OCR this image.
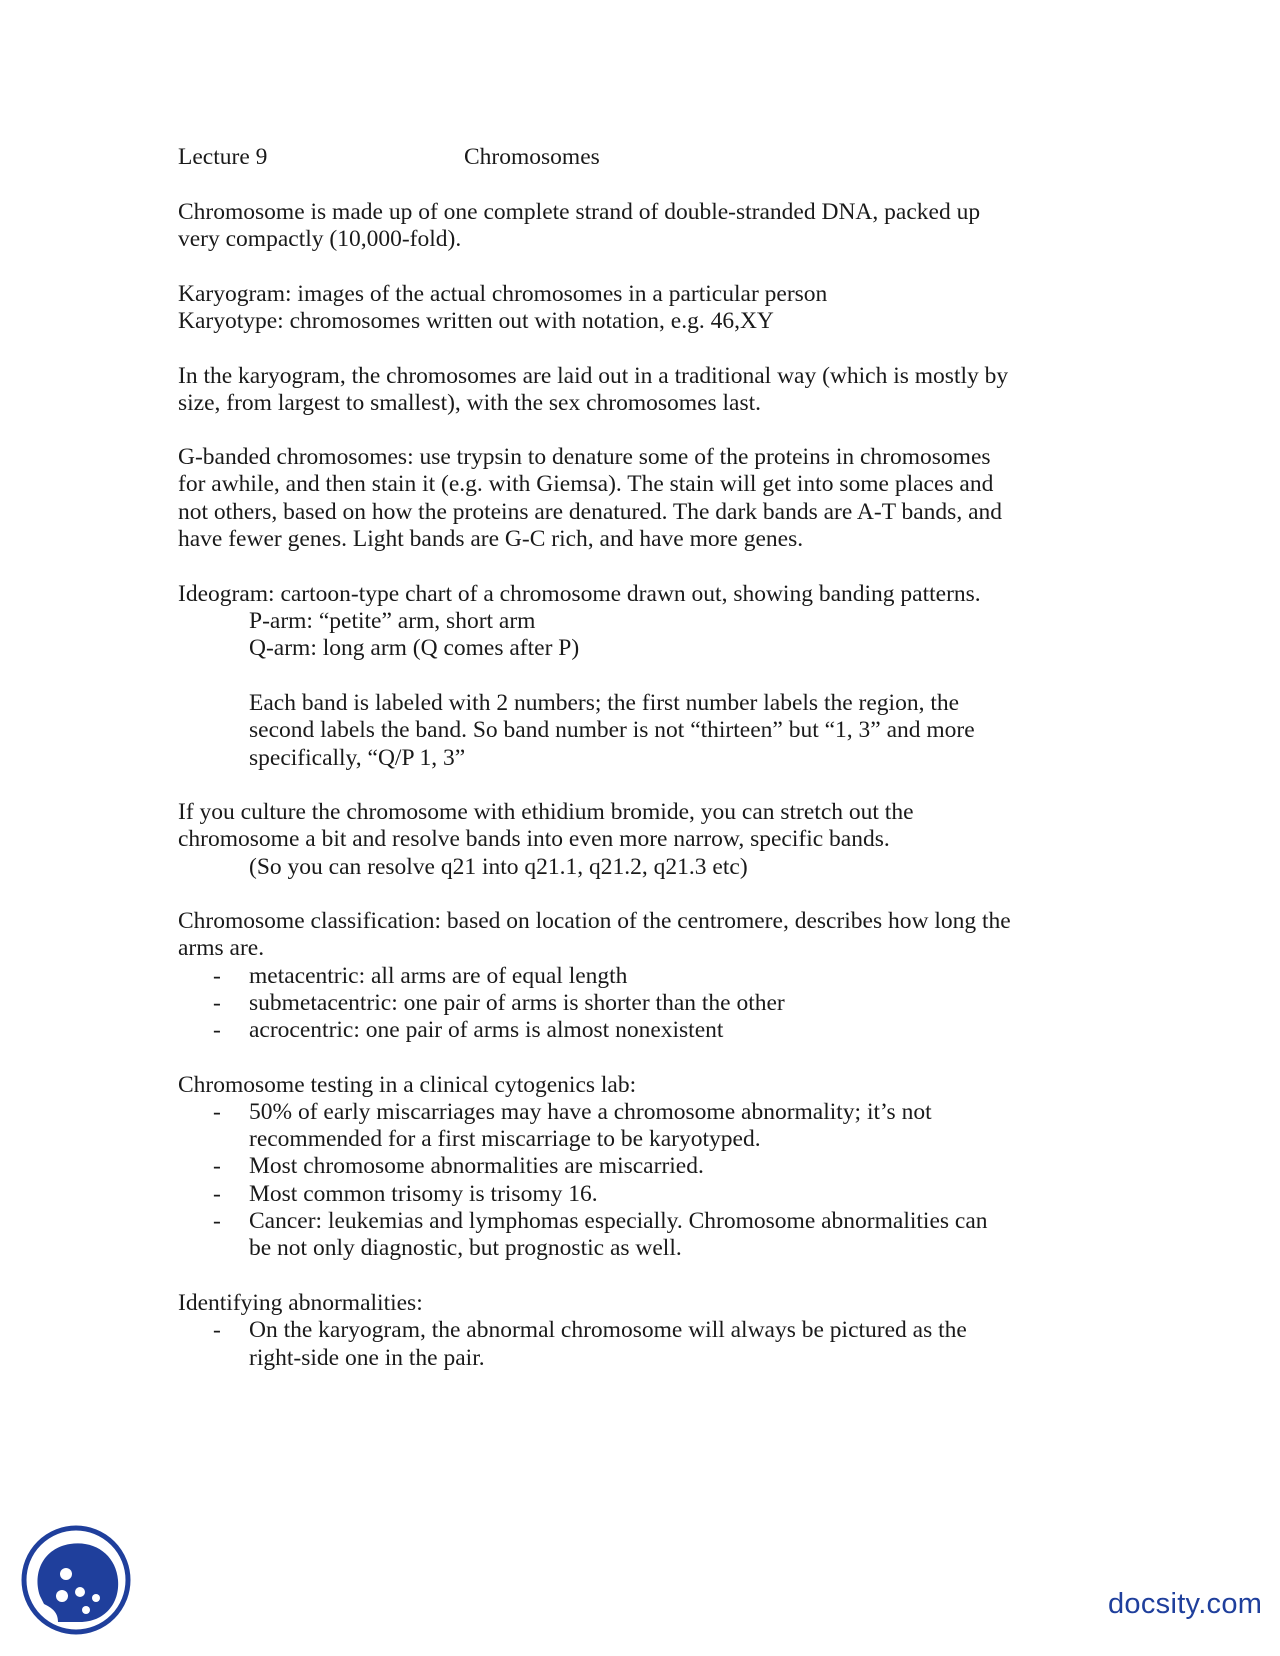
Lecture 9	Chromosomes
Chromosome is made up of one complete strand of double-stranded DNA, packed up
very compactly (10,000-fold).
Karyogram: images of the actual chromosomes in a particular person
Karyotype: chromosomes written out with notation, e.g. 46,XY
In the karyogram, the chromosomes are laid out in a traditional way (which is mostly by
size, from largest to smallest), with the sex chromosomes last.
G-banded chromosomes: use trypsin to denature some of the proteins in chromosomes
for awhile, and then stain it (e.g. with Giemsa). The stain will get into some places and
not others, based on how the proteins are denatured. The dark bands are A-T bands, and
have fewer genes. Light bands are G-C rich, and have more genes.
Ideogram: cartoon-type chart of a chromosome drawn out, showing banding patterns.
P-arm: “petite” arm, short arm
Q-arm: long arm (Q comes after P)
Each band is labeled with 2 numbers; the first number labels the region, the
second labels the band. So band number is not “thirteen” but “1, 3” and more
specifically, “Q/P 1, 3”
If you culture the chromosome with ethidium bromide, you can stretch out the
chromosome a bit and resolve bands into even more narrow, specific bands.
(So you can resolve q21 into q21.1, q21.2, q21.3 etc)
Chromosome classification: based on location of the centromere, describes how long the
arms are.
- metacentric: all arms are of equal length
- submetacentric: one pair of arms is shorter than the other
- acrocentric: one pair of arms is almost nonexistent
Chromosome testing in a clinical cytogenics lab:
- 50% of early miscarriages may have a chromosome abnormality; it’s not
recommended for a first miscarriage to be karyotyped.
- Most chromosome abnormalities are miscarried.
- Most common trisomy is trisomy 16.
- Cancer: leukemias and lymphomas especially. Chromosome abnormalities can
be not only diagnostic, but prognostic as well.
Identifying abnormalities:
- On the karyogram, the abnormal chromosome will always be pictured as the
right-side one in the pair.
docsity.com
